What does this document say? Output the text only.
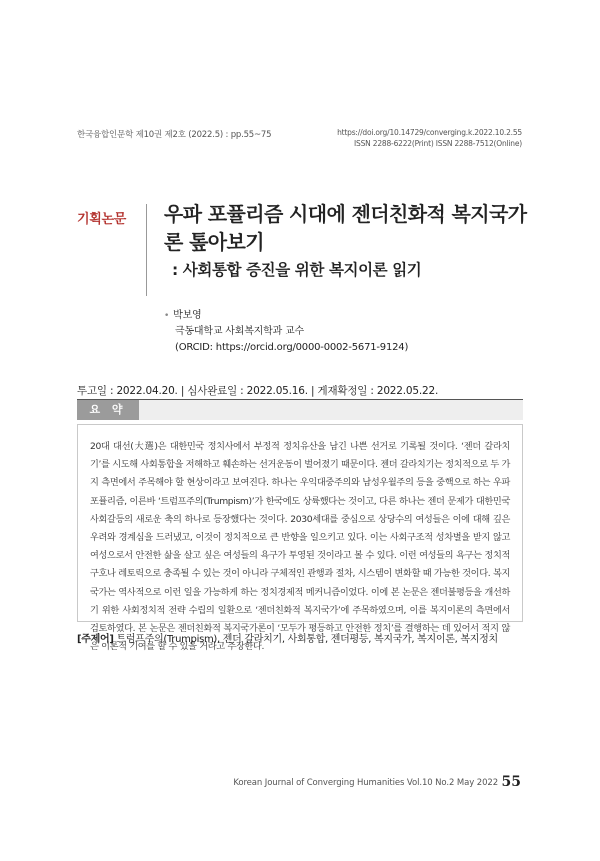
한국융합인문학 제10권 제2호 (2022.5) : pp.55~75	https://doi.org/10.14729/converging.k.2022.10.2.55
ISSN 2288-6222(Print) ISSN 2288-7512(Online)
기획논문 우파 포퓰리즘 시대에 젠더친화적 복지국가론 톺아보기
: 사회통합 증진을 위한 복지이론 읽기
• 박보영
극동대학교 사회복지학과 교수
(ORCID: https://orcid.org/0000-0002-5671-9124)
투고일 : 2022.04.20. | 심사완료일 : 2022.05.16. | 게재확정일 : 2022.05.22.
요 약
20대 대선(大選)은 대한민국 정치사에서 부정적 정치유산을 남긴 나쁜 선거로 기록될 것이다. ‘젠더 갈라치기’를 시도해 사회통합을 저해하고 훼손하는 선거운동이 벌어졌기 때문이다. 젠더 갈라치기는 정치적으로 두 가지 측면에서 주목해야 할 현상이라고 보여진다. 하나는 우익대중주의와 남성우월주의 등을 중핵으로 하는 우파 포퓰리즘, 이른바 ‘트럼프주의(Trumpism)’가 한국에도 상륙했다는 것이고, 다른 하나는 젠더 문제가 대한민국 사회갈등의 새로운 축의 하나로 등장했다는 것이다. 2030세대를 중심으로 상당수의 여성들은 이에 대해 깊은 우려와 경계심을 드러냈고, 이것이 정치적으로 큰 반향을 일으키고 있다. 이는 사회구조적 성차별을 받지 않고 여성으로서 안전한 삶을 살고 싶은 여성들의 욕구가 투영된 것이라고 볼 수 있다. 이런 여성들의 욕구는 정치적 구호나 레토릭으로 충족될 수 있는 것이 아니라 구체적인 관행과 절차, 시스템이 변화할 때 가능한 것이다. 복지국가는 역사적으로 이런 일을 가능하게 하는 정치경제적 메커니즘이었다. 이에 본 논문은 젠더불평등을 개선하기 위한 사회정치적 전략 수립의 일환으로 ‘젠더친화적 복지국가’에 주목하였으며, 이를 복지이론의 측면에서 검토하였다. 본 논문은 젠더친화적 복지국가론이 ‘모두가 평등하고 안전한 정치’를 결행하는 데 있어서 적지 않은 이론적 기여를 할 수 있을 거라고 주장한다.
[주제어] 트럼프주의(Trumpism), 젠더 갈라치기, 사회통합, 젠더평등, 복지국가, 복지이론, 복지정치
Korean Journal of Converging Humanities Vol.10 No.2 May 2022 55
